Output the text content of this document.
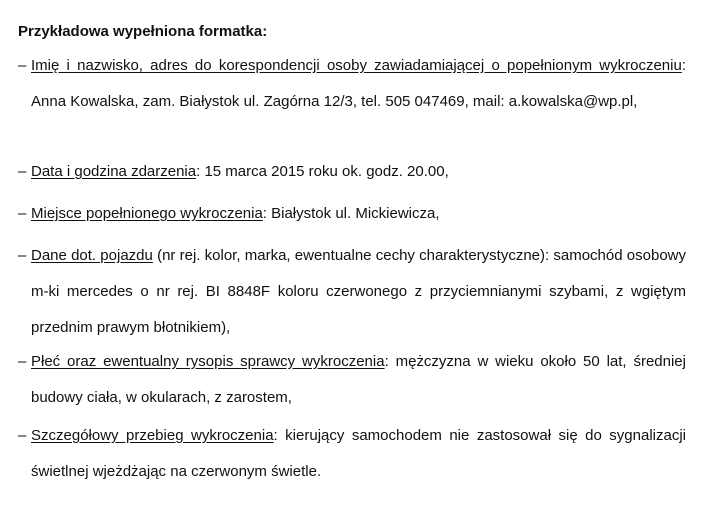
Przykładowa wypełniona formatka:
– Imię i nazwisko, adres do korespondencji osoby zawiadamiającej o popełnionym wykroczeniu: Anna Kowalska, zam. Białystok ul. Zagórna 12/3, tel. 505 047469, mail: a.kowalska@wp.pl,
– Data i godzina zdarzenia: 15 marca 2015 roku ok. godz. 20.00,
– Miejsce popełnionego wykroczenia: Białystok ul. Mickiewicza,
– Dane dot. pojazdu (nr rej. kolor, marka, ewentualne cechy charakterystyczne): samochód osobowy m-ki mercedes o nr rej. BI 8848F koloru czerwonego z przyciemnianymi szybami, z wgiętym przednim prawym błotnikiem),
– Płeć oraz ewentualny rysopis sprawcy wykroczenia: mężczyzna w wieku około 50 lat, średniej budowy ciała, w okularach, z zarostem,
– Szczegółowy przebieg wykroczenia: kierujący samochodem nie zastosował się do sygnalizacji świetlnej wjeżdżając na czerwonym świetle.
